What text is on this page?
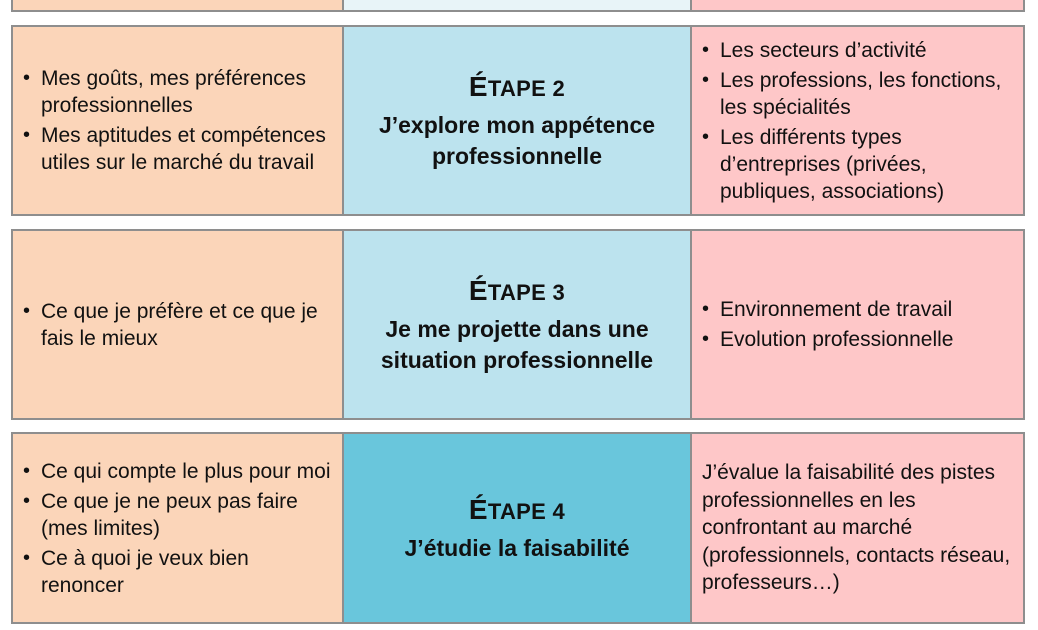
• Mes goûts, mes préférences professionnelles
• Mes aptitudes et compétences utiles sur le marché du travail
ÉTAPE 2
J’explore mon appétence professionnelle
• Les secteurs d’activité
• Les professions, les fonctions, les spécialités
• Les différents types d’entreprises (privées, publiques, associations)
• Ce que je préfère et ce que je fais le mieux
ÉTAPE 3
Je me projette dans une situation professionnelle
• Environnement de travail
• Evolution professionnelle
• Ce qui compte le plus pour moi
• Ce que je ne peux pas faire (mes limites)
• Ce à quoi je veux bien renoncer
ÉTAPE 4
J’étudie la faisabilité
J’évalue la faisabilité des pistes professionnelles en les confrontant au marché (professionnels, contacts réseau, professeurs…)
